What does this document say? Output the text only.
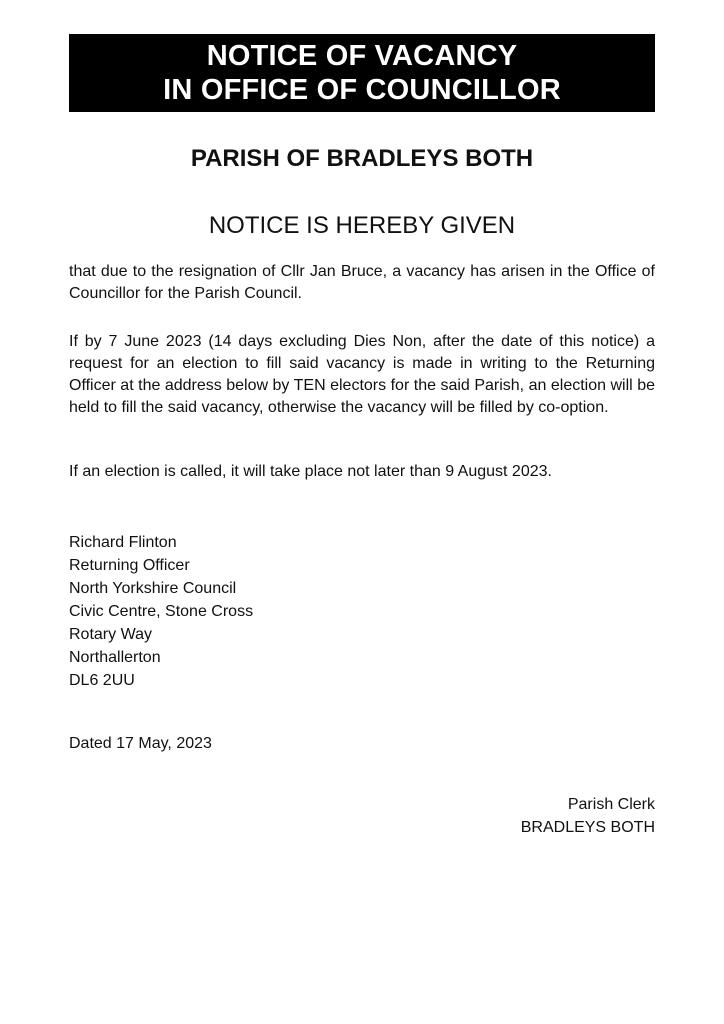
NOTICE OF VACANCY
IN OFFICE OF COUNCILLOR
PARISH OF BRADLEYS BOTH
NOTICE IS HEREBY GIVEN
that due to the resignation of Cllr Jan Bruce, a vacancy has arisen in the Office of Councillor for the Parish Council.
If by 7 June 2023 (14 days excluding Dies Non, after the date of this notice) a request for an election to fill said vacancy is made in writing to the Returning Officer at the address below by TEN electors for the said Parish, an election will be held to fill the said vacancy, otherwise the vacancy will be filled by co-option.
If an election is called, it will take place not later than 9 August 2023.
Richard Flinton
Returning Officer
North Yorkshire Council
Civic Centre, Stone Cross
Rotary Way
Northallerton
DL6 2UU
Dated 17 May, 2023
Parish Clerk
BRADLEYS BOTH
